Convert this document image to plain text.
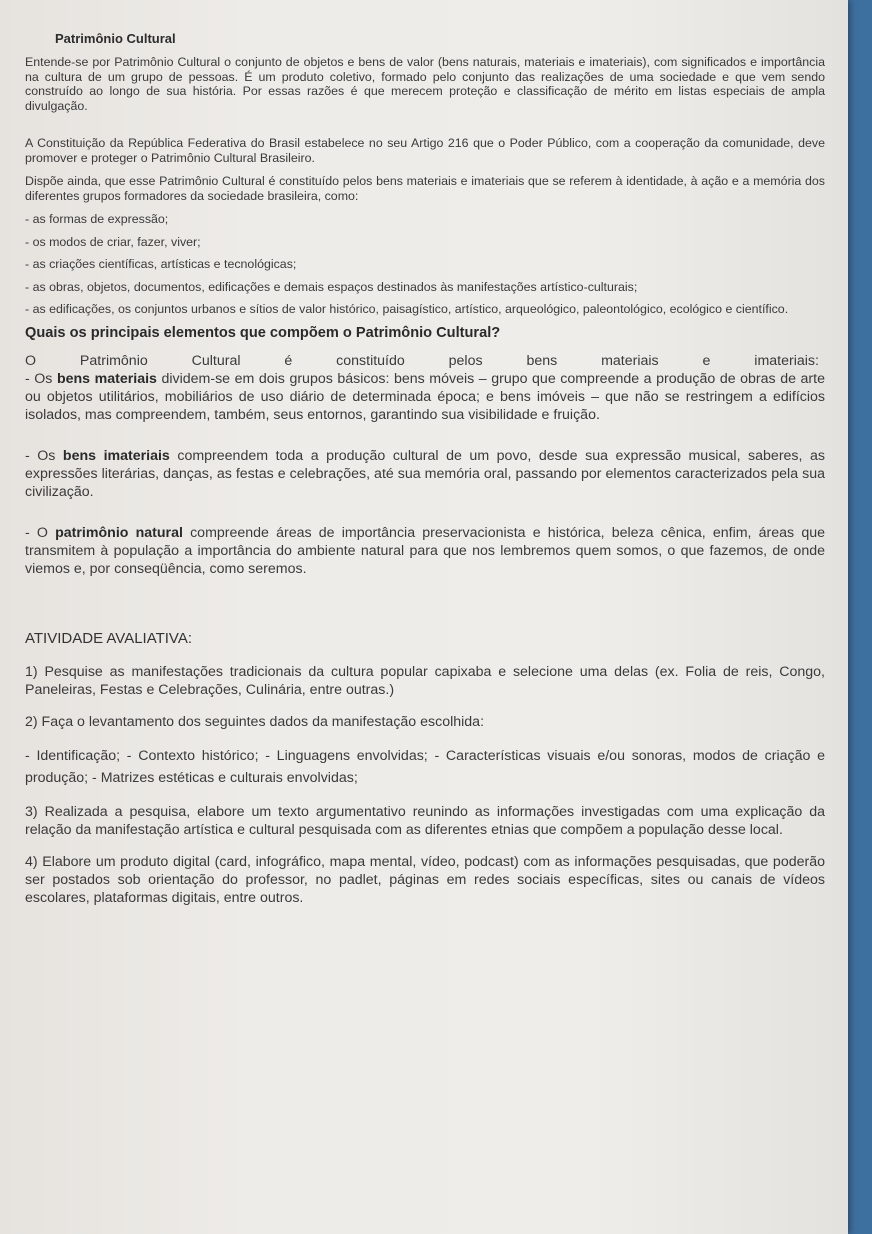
Patrimônio Cultural

Entende-se por Patrimônio Cultural o conjunto de objetos e bens de valor (bens naturais, materiais e imateriais), com significados e importância na cultura de um grupo de pessoas. É um produto coletivo, formado pelo conjunto das realizações de uma sociedade e que vem sendo construído ao longo de sua história. Por essas razões é que merecem proteção e classificação de mérito em listas especiais de ampla divulgação.

A Constituição da República Federativa do Brasil estabelece no seu Artigo 216 que o Poder Público, com a cooperação da comunidade, deve promover e proteger o Patrimônio Cultural Brasileiro.

Dispõe ainda, que esse Patrimônio Cultural é constituído pelos bens materiais e imateriais que se referem à identidade, à ação e a memória dos diferentes grupos formadores da sociedade brasileira, como:

- as formas de expressão;

- os modos de criar, fazer, viver;

- as criações científicas, artísticas e tecnológicas;

- as obras, objetos, documentos, edificações e demais espaços destinados às manifestações artístico-culturais;

- as edificações, os conjuntos urbanos e sítios de valor histórico, paisagístico, artístico, arqueológico, paleontológico, ecológico e científico.

Quais os principais elementos que compõem o Patrimônio Cultural?
O	Patrimônio	Cultural	é	constituído	pelos	bens	materiais	e	imateriais:

- Os bens materiais dividem-se em dois grupos básicos: bens móveis – grupo que compreende a produção de obras de arte ou objetos utilitários, mobiliários de uso diário de determinada época; e bens imóveis – que não se restringem a edifícios isolados, mas compreendem, também, seus entornos, garantindo sua visibilidade e fruição.

- Os bens imateriais compreendem toda a produção cultural de um povo, desde sua expressão musical, saberes, as expressões literárias, danças, as festas e celebrações, até sua memória oral, passando por elementos caracterizados pela sua civilização.

- O patrimônio natural compreende áreas de importância preservacionista e histórica, beleza cênica, enfim, áreas que transmitem à população a importância do ambiente natural para que nos lembremos quem somos, o que fazemos, de onde viemos e, por conseqüência, como seremos.

ATIVIDADE AVALIATIVA:

1) Pesquise as manifestações tradicionais da cultura popular capixaba e selecione uma delas (ex. Folia de reis, Congo, Paneleiras, Festas e Celebrações, Culinária, entre outras.)

2) Faça o levantamento dos seguintes dados da manifestação escolhida:

- Identificação; - Contexto histórico; - Linguagens envolvidas; - Características visuais e/ou sonoras, modos de criação e produção; - Matrizes estéticas e culturais envolvidas;

3) Realizada a pesquisa, elabore um texto argumentativo reunindo as informações investigadas com uma explicação da relação da manifestação artística e cultural pesquisada com as diferentes etnias que compõem a população desse local.

4) Elabore um produto digital (card, infográfico, mapa mental, vídeo, podcast) com as informações pesquisadas, que poderão ser postados sob orientação do professor, no padlet, páginas em redes sociais específicas, sites ou canais de vídeos escolares, plataformas digitais, entre outros.
